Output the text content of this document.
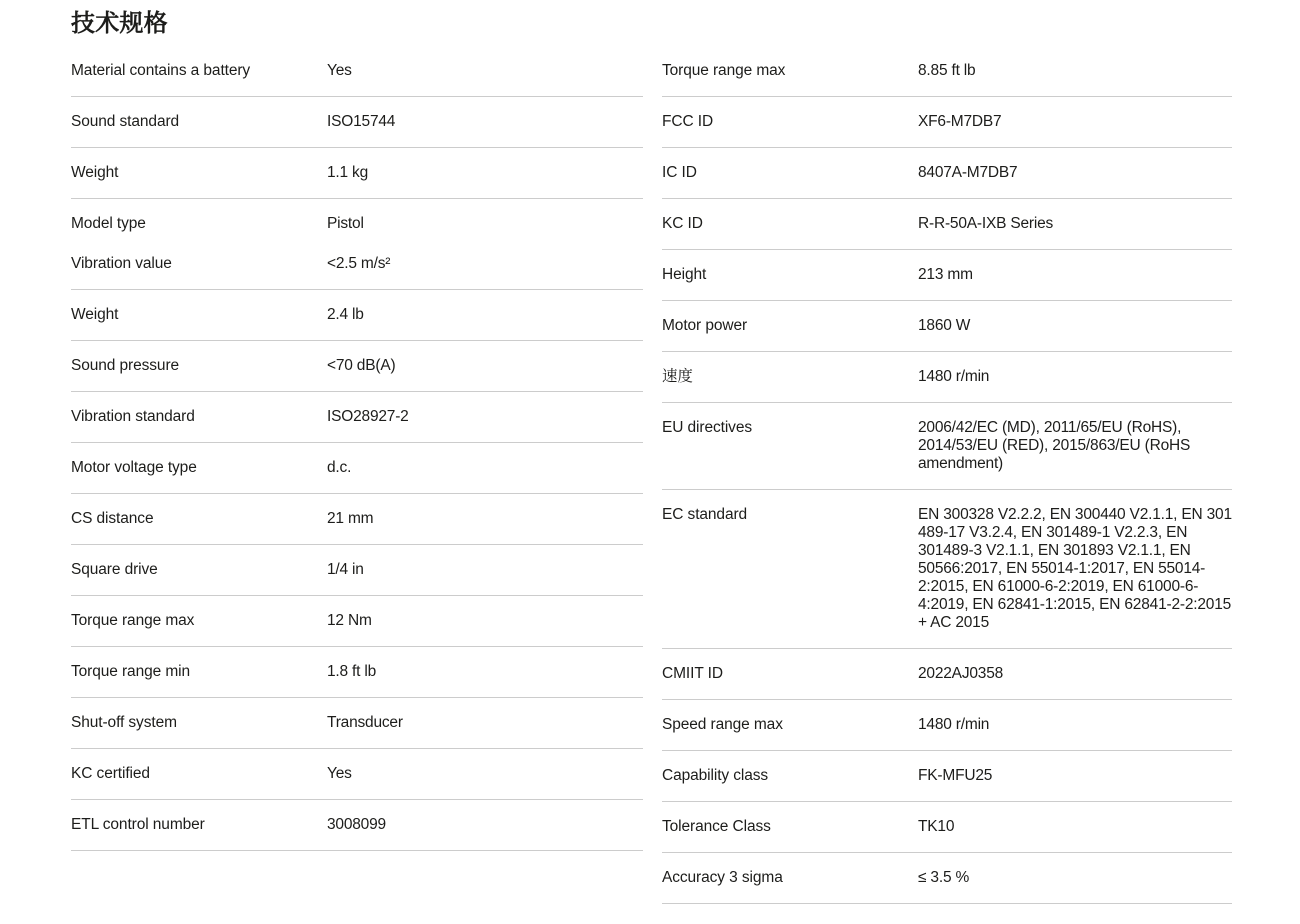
技术规格
Material contains a battery	Yes
Sound standard	ISO15744
Weight	1.1 kg
Model type	Pistol
Vibration value	<2.5 m/s²
Weight	2.4 lb
Sound pressure	<70 dB(A)
Vibration standard	ISO28927-2
Motor voltage type	d.c.
CS distance	21 mm
Square drive	1/4 in
Torque range max	12 Nm
Torque range min	1.8 ft lb
Shut-off system	Transducer
KC certified	Yes
ETL control number	3008099
Torque range max	8.85 ft lb
FCC ID	XF6-M7DB7
IC ID	8407A-M7DB7
KC ID	R-R-50A-IXB Series
Height	213 mm
Motor power	1860 W
速度	1480 r/min
EU directives	2006/42/EC (MD), 2011/65/EU (RoHS), 2014/53/EU (RED), 2015/863/EU (RoHS amendment)
EC standard	EN 300328 V2.2.2, EN 300440 V2.1.1, EN 301 489-17 V3.2.4, EN 301489-1 V2.2.3, EN 301489-3 V2.1.1, EN 301893 V2.1.1, EN 50566:2017, EN 55014-1:2017, EN 55014-2:2015, EN 61000-6-2:2019, EN 61000-6-4:2019, EN 62841-1:2015, EN 62841-2-2:2015 + AC 2015
CMIIT ID	2022AJ0358
Speed range max	1480 r/min
Capability class	FK-MFU25
Tolerance Class	TK10
Accuracy 3 sigma	≤ 3.5 %
